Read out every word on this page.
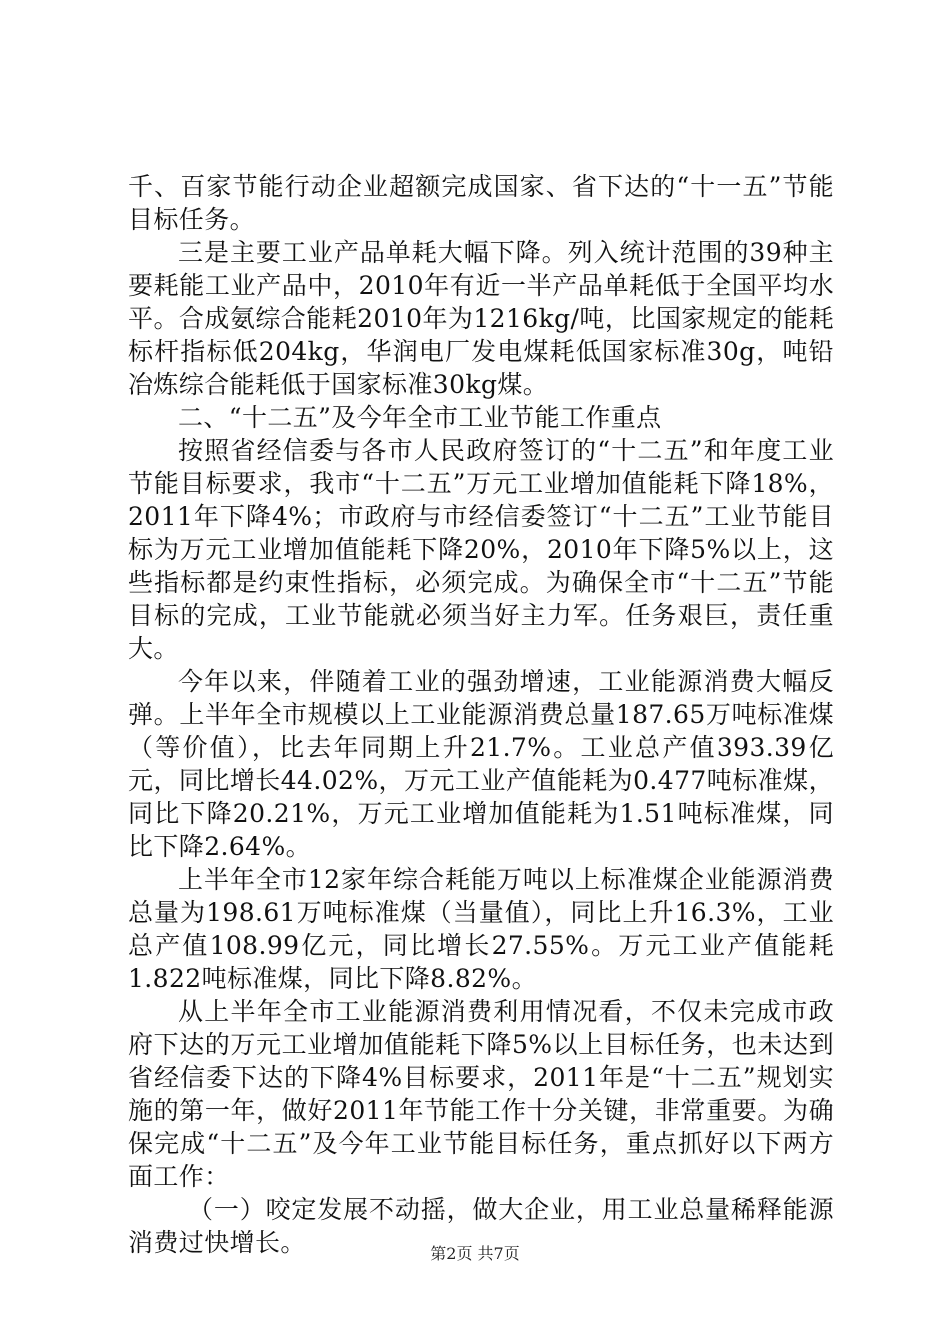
千、百家节能行动企业超额完成国家、省下达的“十一五”节能目标任务。

三是主要工业产品单耗大幅下降。列入统计范围的39种主要耗能工业产品中，2010年有近一半产品单耗低于全国平均水平。合成氨综合能耗2010年为1216kg/吨，比国家规定的能耗标杆指标低204kg，华润电厂发电煤耗低国家标准30g，吨铅冶炼综合能耗低于国家标准30kg煤。

二、“十二五”及今年全市工业节能工作重点

按照省经信委与各市人民政府签订的“十二五”和年度工业节能目标要求，我市“十二五”万元工业增加值能耗下降18%，2011年下降4%；市政府与市经信委签订“十二五”工业节能目标为万元工业增加值能耗下降20%，2010年下降5%以上，这些指标都是约束性指标，必须完成。为确保全市“十二五”节能目标的完成，工业节能就必须当好主力军。任务艰巨，责任重大。

今年以来，伴随着工业的强劲增速，工业能源消费大幅反弹。上半年全市规模以上工业能源消费总量187.65万吨标准煤（等价值），比去年同期上升21.7%。工业总产值393.39亿元，同比增长44.02%，万元工业产值能耗为0.477吨标准煤，同比下降20.21%，万元工业增加值能耗为1.51吨标准煤，同比下降2.64%。

上半年全市12家年综合耗能万吨以上标准煤企业能源消费总量为198.61万吨标准煤（当量值），同比上升16.3%，工业总产值108.99亿元，同比增长27.55%。万元工业产值能耗1.822吨标准煤，同比下降8.82%。

从上半年全市工业能源消费利用情况看，不仅未完成市政府下达的万元工业增加值能耗下降5%以上目标任务，也未达到省经信委下达的下降4%目标要求，2011年是“十二五”规划实施的第一年，做好2011年节能工作十分关键，非常重要。为确保完成“十二五”及今年工业节能目标任务，重点抓好以下两方面工作：

（一）咬定发展不动摇，做大企业，用工业总量稀释能源消费过快增长。	第2页 共7页
